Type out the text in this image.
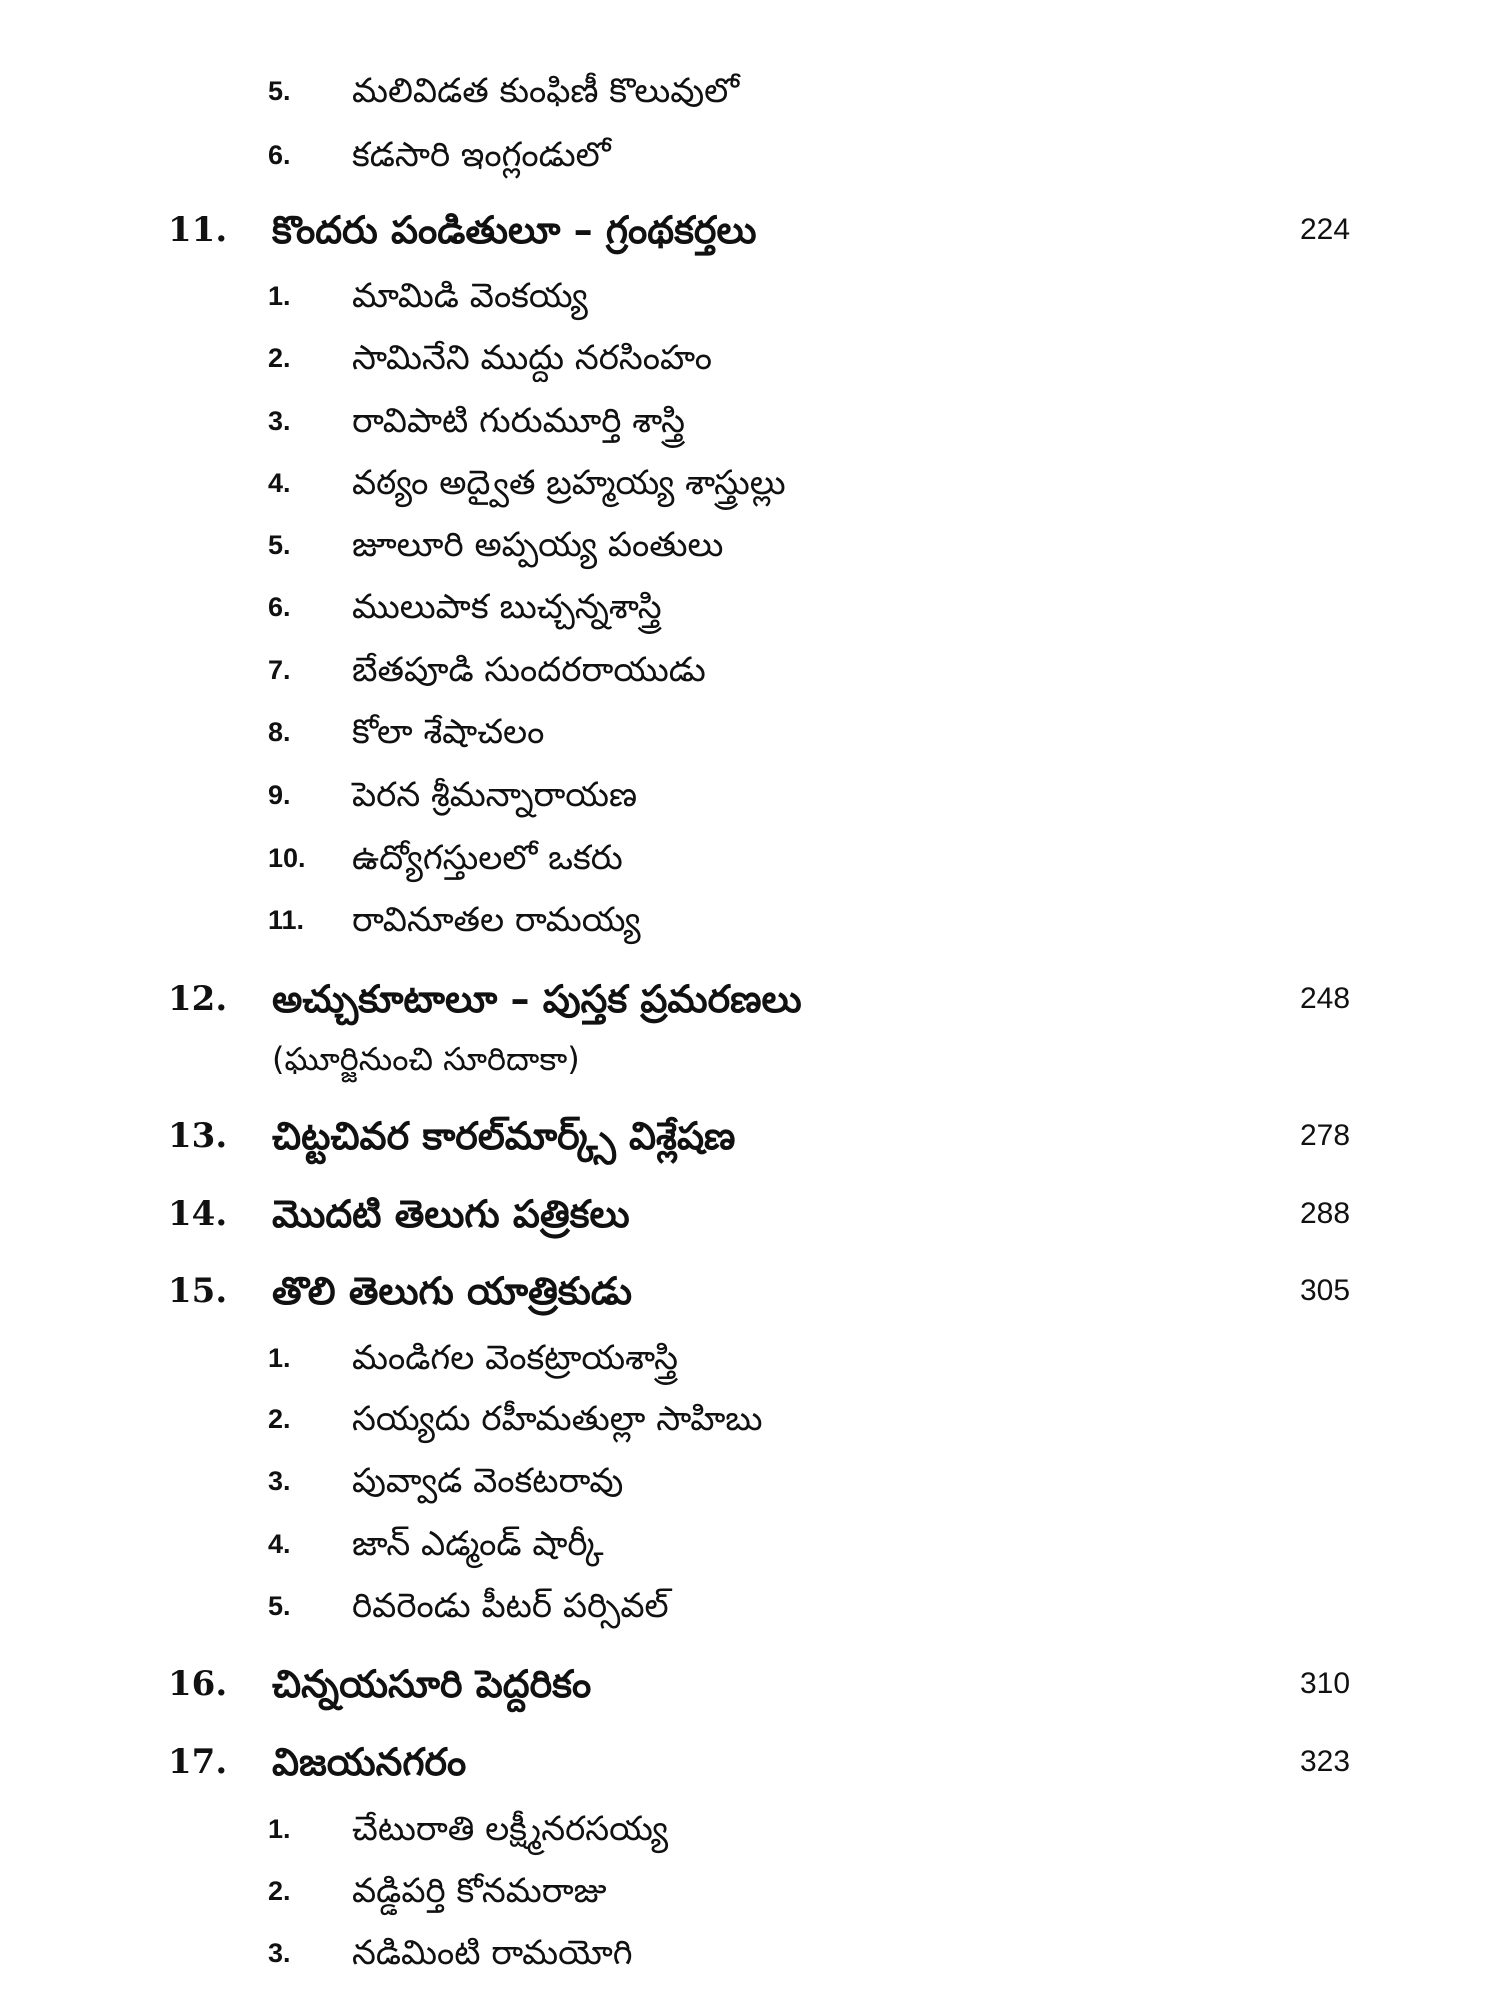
5. మలివిడత కుంఫిణీ కొలువులో
6. కడసారి ఇంగ్లండులో
11. కొందరు పండితులూ – గ్రంథకర్తలు	224
1. మామిడి వెంకయ్య
2. సామినేని ముద్దు నరసింహం
3. రావిపాటి గురుమూర్తి శాస్త్రి
4. వఠ్యం అద్వైత బ్రహ్మయ్య శాస్త్రుల్లు
5. జూలూరి అప్పయ్య పంతులు
6. ములుపాక బుచ్చన్నశాస్త్రి
7. బేతపూడి సుందరరాయుడు
8. కోలా శేషాచలం
9. పెరన శ్రీమన్నారాయణ
10. ఉద్యోగస్తులలో ఒకరు
11. రావినూతల రామయ్య
12. అచ్చుకూటాలూ – పుస్తక ప్రమరణలు	248
(ఘూర్జినుంచి సూరిదాకా)
13. చిట్టచివర కారల్‌మార్క్స్ విశ్లేషణ	278
14. మొదటి తెలుగు పత్రికలు	288
15. తొలి తెలుగు యాత్రికుడు	305
1. మండిగల వెంకట్రాయశాస్త్రి
2. సయ్యదు రహీమతుల్లా సాహిబు
3. పువ్వాడ వెంకటరావు
4. జాన్ ఎడ్మండ్ షార్కీ
5. రివరెండు పీటర్ పర్సివల్
16. చిన్నయసూరి పెద్దరికం	310
17. విజయనగరం	323
1. చేటురాతి లక్ష్మీనరసయ్య
2. వడ్డిపర్తి కోనమరాజు
3. నడిమింటి రామయోగి
